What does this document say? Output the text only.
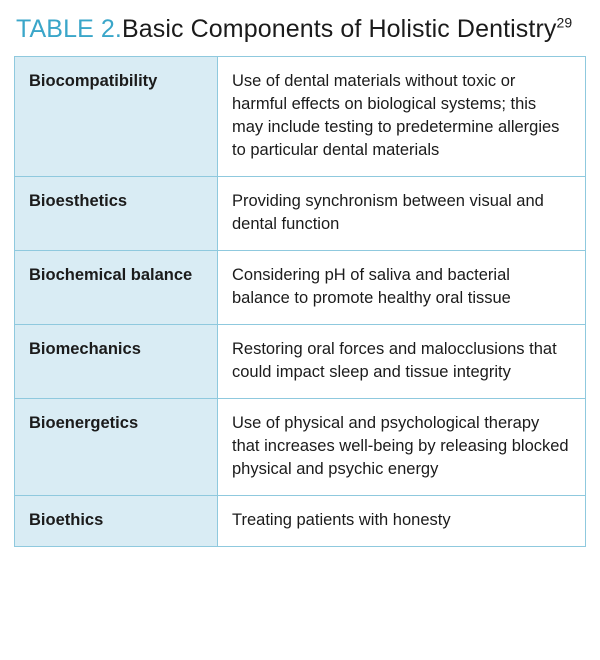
TABLE 2.Basic Components of Holistic Dentistry$^{29}$
Biocompatibility	Use of dental materials without toxic or harmful effects on biological systems; this may include testing to predetermine allergies to particular dental materials
Bioesthetics	Providing synchronism between visual and dental function
Biochemical balance	Considering pH of saliva and bacterial balance to promote healthy oral tissue
Biomechanics	Restoring oral forces and malocclusions that could impact sleep and tissue integrity
Bioenergetics	Use of physical and psychological therapy that increases well-being by releasing blocked physical and psychic energy
Bioethics	Treating patients with honesty
